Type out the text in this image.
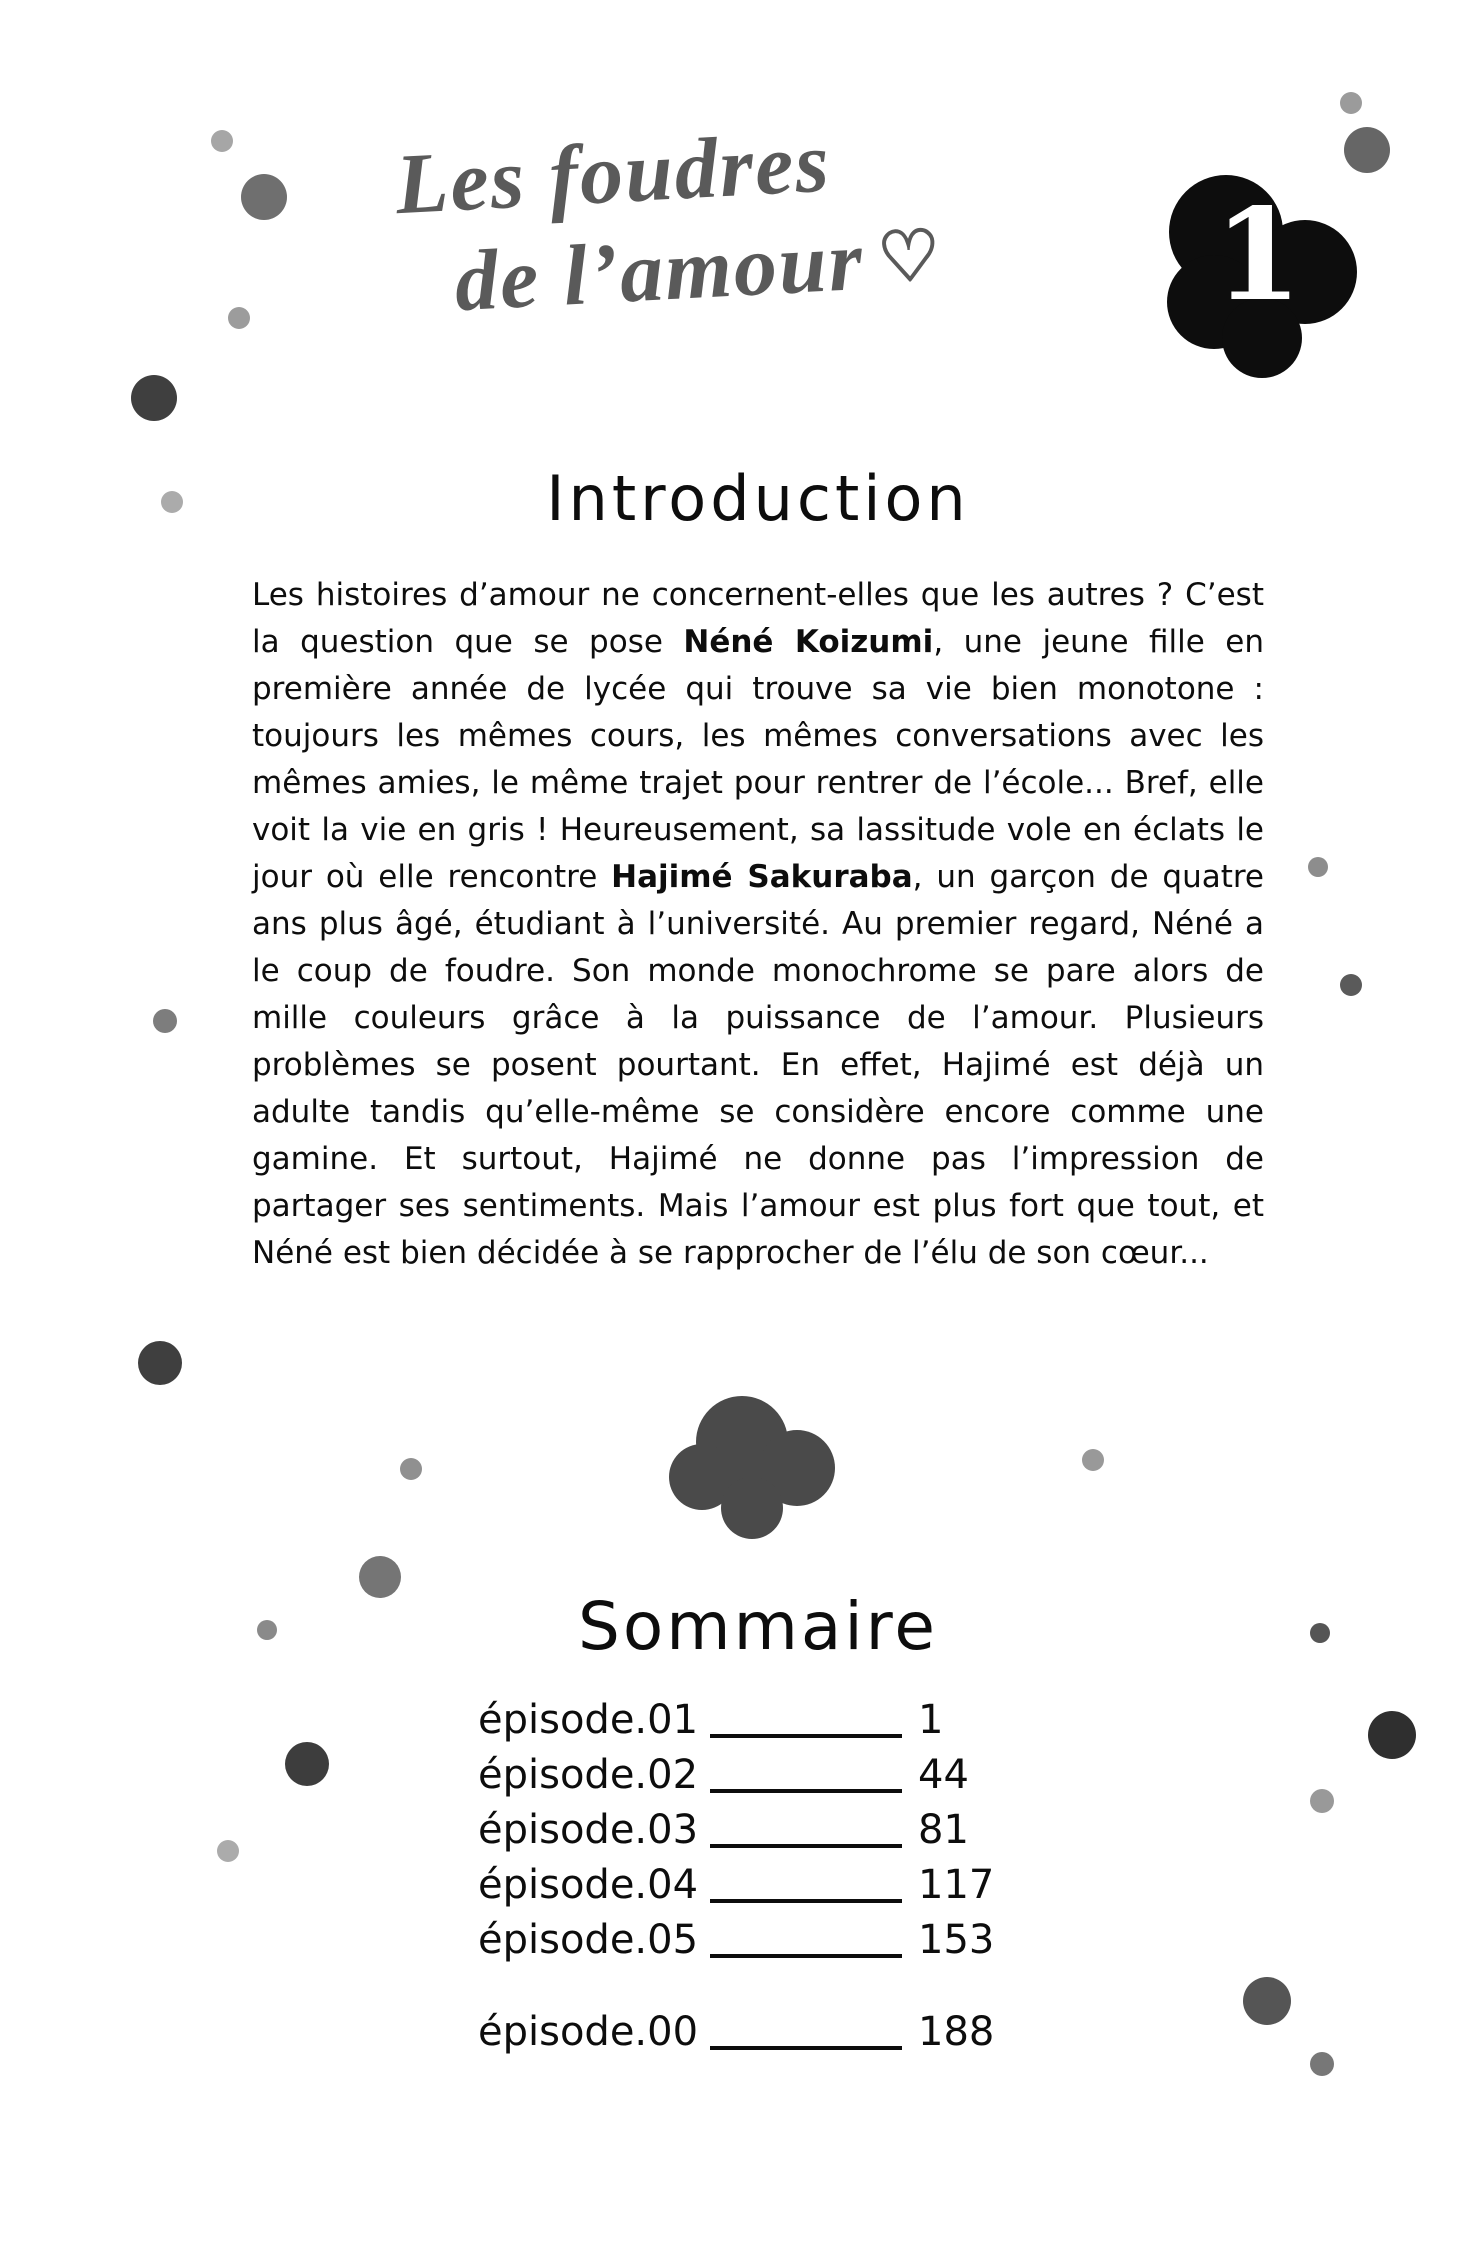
Les foudres
de l’amour ♡ 1
Introduction
Les histoires d’amour ne concernent-elles que les autres ? C’est la question que se pose Néné Koizumi, une jeune fille en première année de lycée qui trouve sa vie bien monotone : toujours les mêmes cours, les mêmes conversations avec les mêmes amies, le même trajet pour rentrer de l’école... Bref, elle voit la vie en gris ! Heureusement, sa lassitude vole en éclats le jour où elle rencontre Hajimé Sakuraba, un garçon de quatre ans plus âgé, étudiant à l’université. Au premier regard, Néné a le coup de foudre. Son monde monochrome se pare alors de mille couleurs grâce à la puissance de l’amour. Plusieurs problèmes se posent pourtant. En effet, Hajimé est déjà un adulte tandis qu’elle-même se considère encore comme une gamine. Et surtout, Hajimé ne donne pas l’impression de partager ses sentiments. Mais l’amour est plus fort que tout, et Néné est bien décidée à se rapprocher de l’élu de son cœur...
Sommaire
épisode.01	1
épisode.02	44
épisode.03	81
épisode.04	117
épisode.05	153
épisode.00	188
